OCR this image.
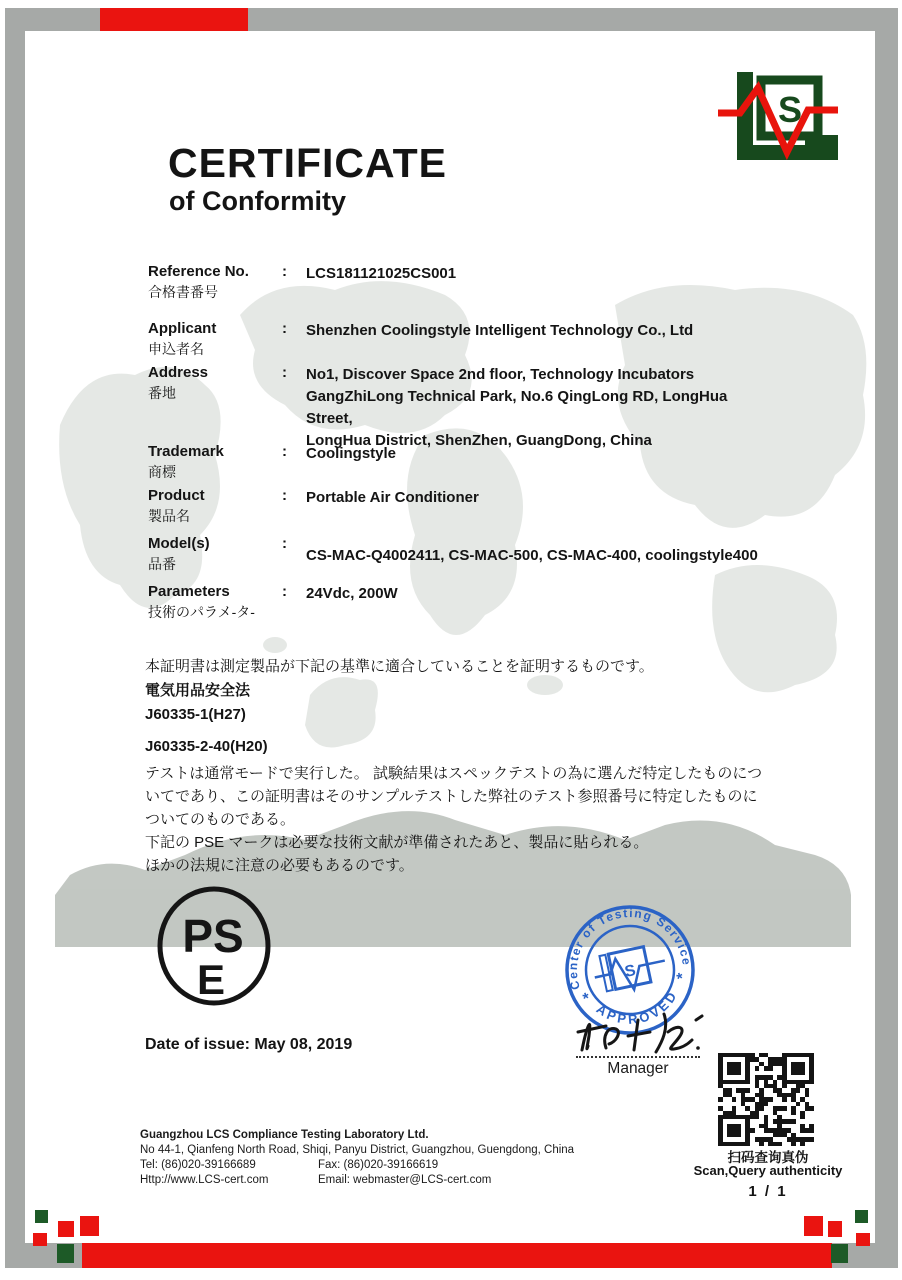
S
CERTIFICATE
of Conformity
Reference No.
合格書番号
:	LCS181121025CS001
Applicant
申込者名
:	Shenzhen Coolingstyle Intelligent Technology Co., Ltd
Address
番地
:	No1, Discover Space 2nd floor, Technology Incubators
GangZhiLong Technical Park, No.6 QingLong RD, LongHua Street,
LongHua District, ShenZhen, GuangDong, China
Trademark
商標
:	Coolingstyle
Product
製品名
:	Portable Air Conditioner
Model(s)
品番
:
CS-MAC-Q4002411, CS-MAC-500, CS-MAC-400, coolingstyle400
Parameters
技術のパラメ-タ-
:	24Vdc, 200W
本証明書は測定製品が下記の基準に適合していることを証明するものです。
電気用品安全法
J60335-1(H27)
J60335-2-40(H20)
テストは通常モードで実行した。 試験結果はスペックテストの為に選んだ特定したものにつ
いてであり、この証明書はそのサンプルテストした弊社のテスト参照番号に特定したものに
ついてのものである。
下記の PSE マークは必要な技術文献が準備されたあと、製品に貼られる。
ほかの法規に注意の必要もあるのです。
PS
E
Date of issue: May 08, 2019
Center of Testing Service
APPROVED
*
*
S
Manager
扫码查询真伪
Scan,Query authenticity
1 / 1
Guangzhou LCS Compliance Testing Laboratory Ltd.
No 44-1, Qianfeng North Road, Shiqi, Panyu District, Guangzhou, Guengdong, China
Tel: (86)020-39166689	Fax: (86)020-39166619
Http://www.LCS-cert.com	Email: webmaster@LCS-cert.com
